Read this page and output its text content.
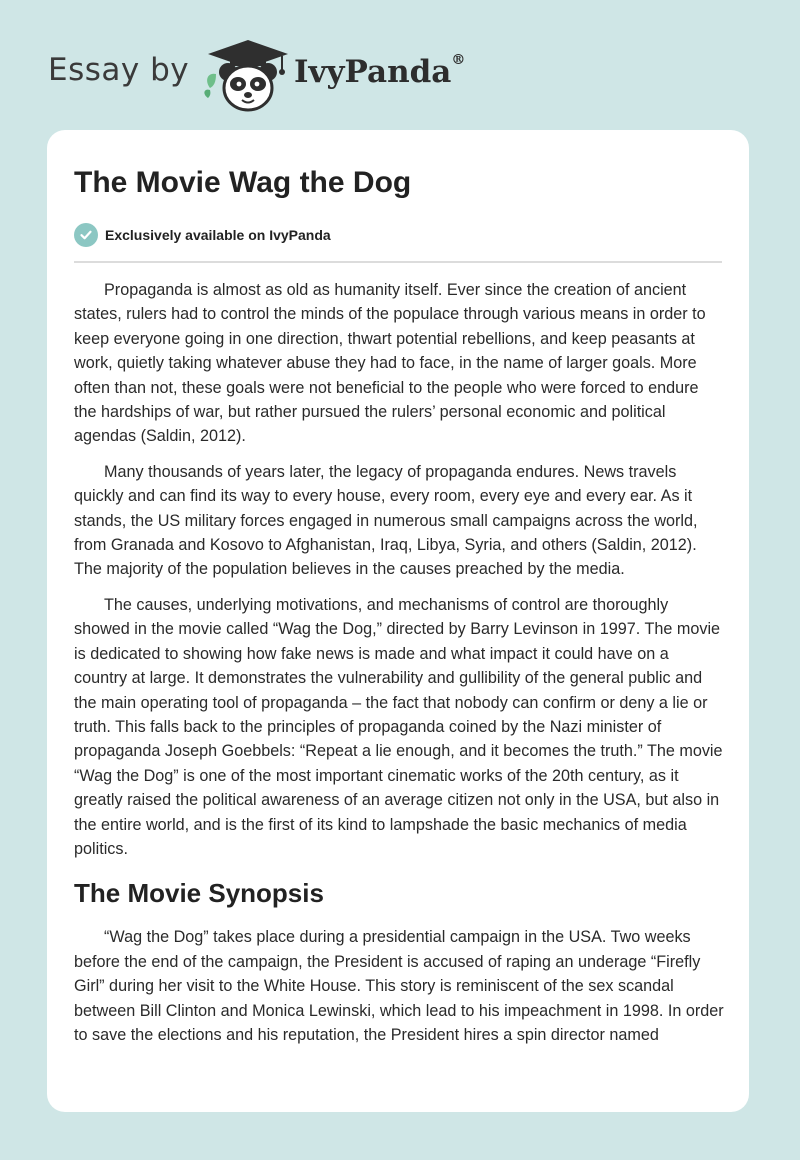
Essay by	IvyPanda®
The Movie Wag the Dog
Exclusively available on IvyPanda

Propaganda is almost as old as humanity itself. Ever since the creation of ancient states, rulers had to control the minds of the populace through various means in order to keep everyone going in one direction, thwart potential rebellions, and keep peasants at work, quietly taking whatever abuse they had to face, in the name of larger goals. More often than not, these goals were not beneficial to the people who were forced to endure the hardships of war, but rather pursued the rulers’ personal economic and political agendas (Saldin, 2012).

Many thousands of years later, the legacy of propaganda endures. News travels quickly and can find its way to every house, every room, every eye and every ear. As it stands, the US military forces engaged in numerous small campaigns across the world, from Granada and Kosovo to Afghanistan, Iraq, Libya, Syria, and others (Saldin, 2012). The majority of the population believes in the causes preached by the media.

The causes, underlying motivations, and mechanisms of control are thoroughly showed in the movie called “Wag the Dog,” directed by Barry Levinson in 1997. The movie is dedicated to showing how fake news is made and what impact it could have on a country at large. It demonstrates the vulnerability and gullibility of the general public and the main operating tool of propaganda – the fact that nobody can confirm or deny a lie or truth. This falls back to the principles of propaganda coined by the Nazi minister of propaganda Joseph Goebbels: “Repeat a lie enough, and it becomes the truth.” The movie “Wag the Dog” is one of the most important cinematic works of the 20th century, as it greatly raised the political awareness of an average citizen not only in the USA, but also in the entire world, and is the first of its kind to lampshade the basic mechanics of media politics.

The Movie Synopsis

“Wag the Dog” takes place during a presidential campaign in the USA. Two weeks before the end of the campaign, the President is accused of raping an underage “Firefly Girl” during her visit to the White House. This story is reminiscent of the sex scandal between Bill Clinton and Monica Lewinski, which lead to his impeachment in 1998. In order to save the elections and his reputation, the President hires a spin director named
